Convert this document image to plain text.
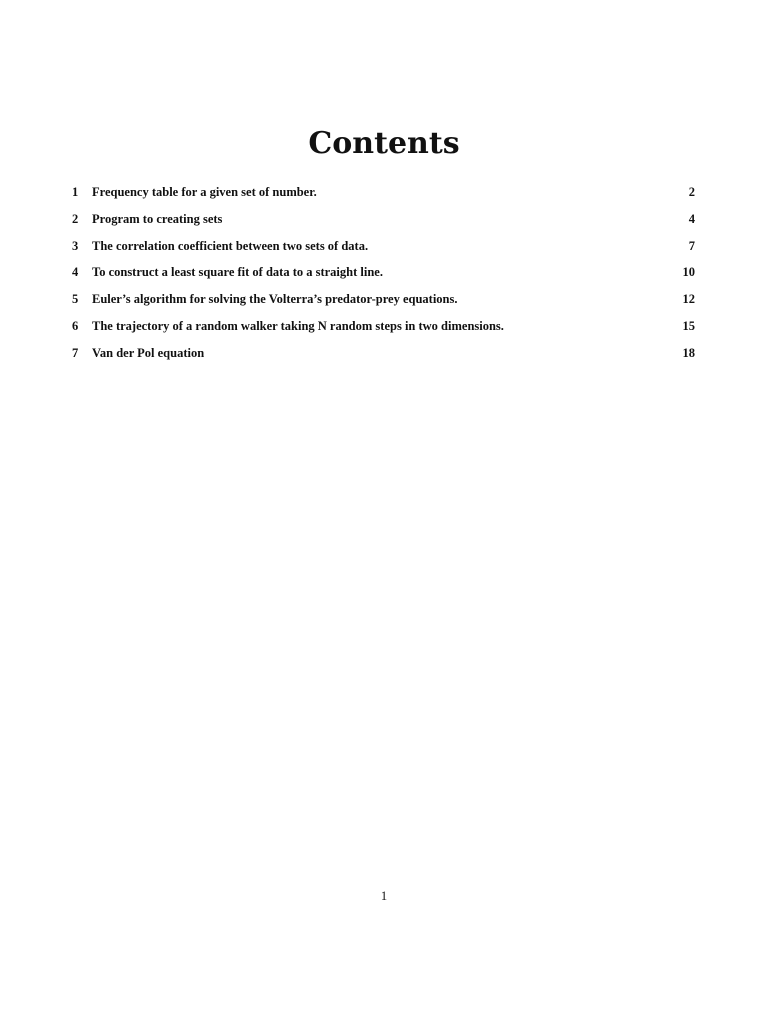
Contents
1	Frequency table for a given set of number.	2
2	Program to creating sets	4
3	The correlation coefficient between two sets of data.	7
4	To construct a least square fit of data to a straight line.	10
5	Euler’s algorithm for solving the Volterra’s predator-prey equations.	12
6	The trajectory of a random walker taking N random steps in two dimensions.	15
7	Van der Pol equation	18
1
